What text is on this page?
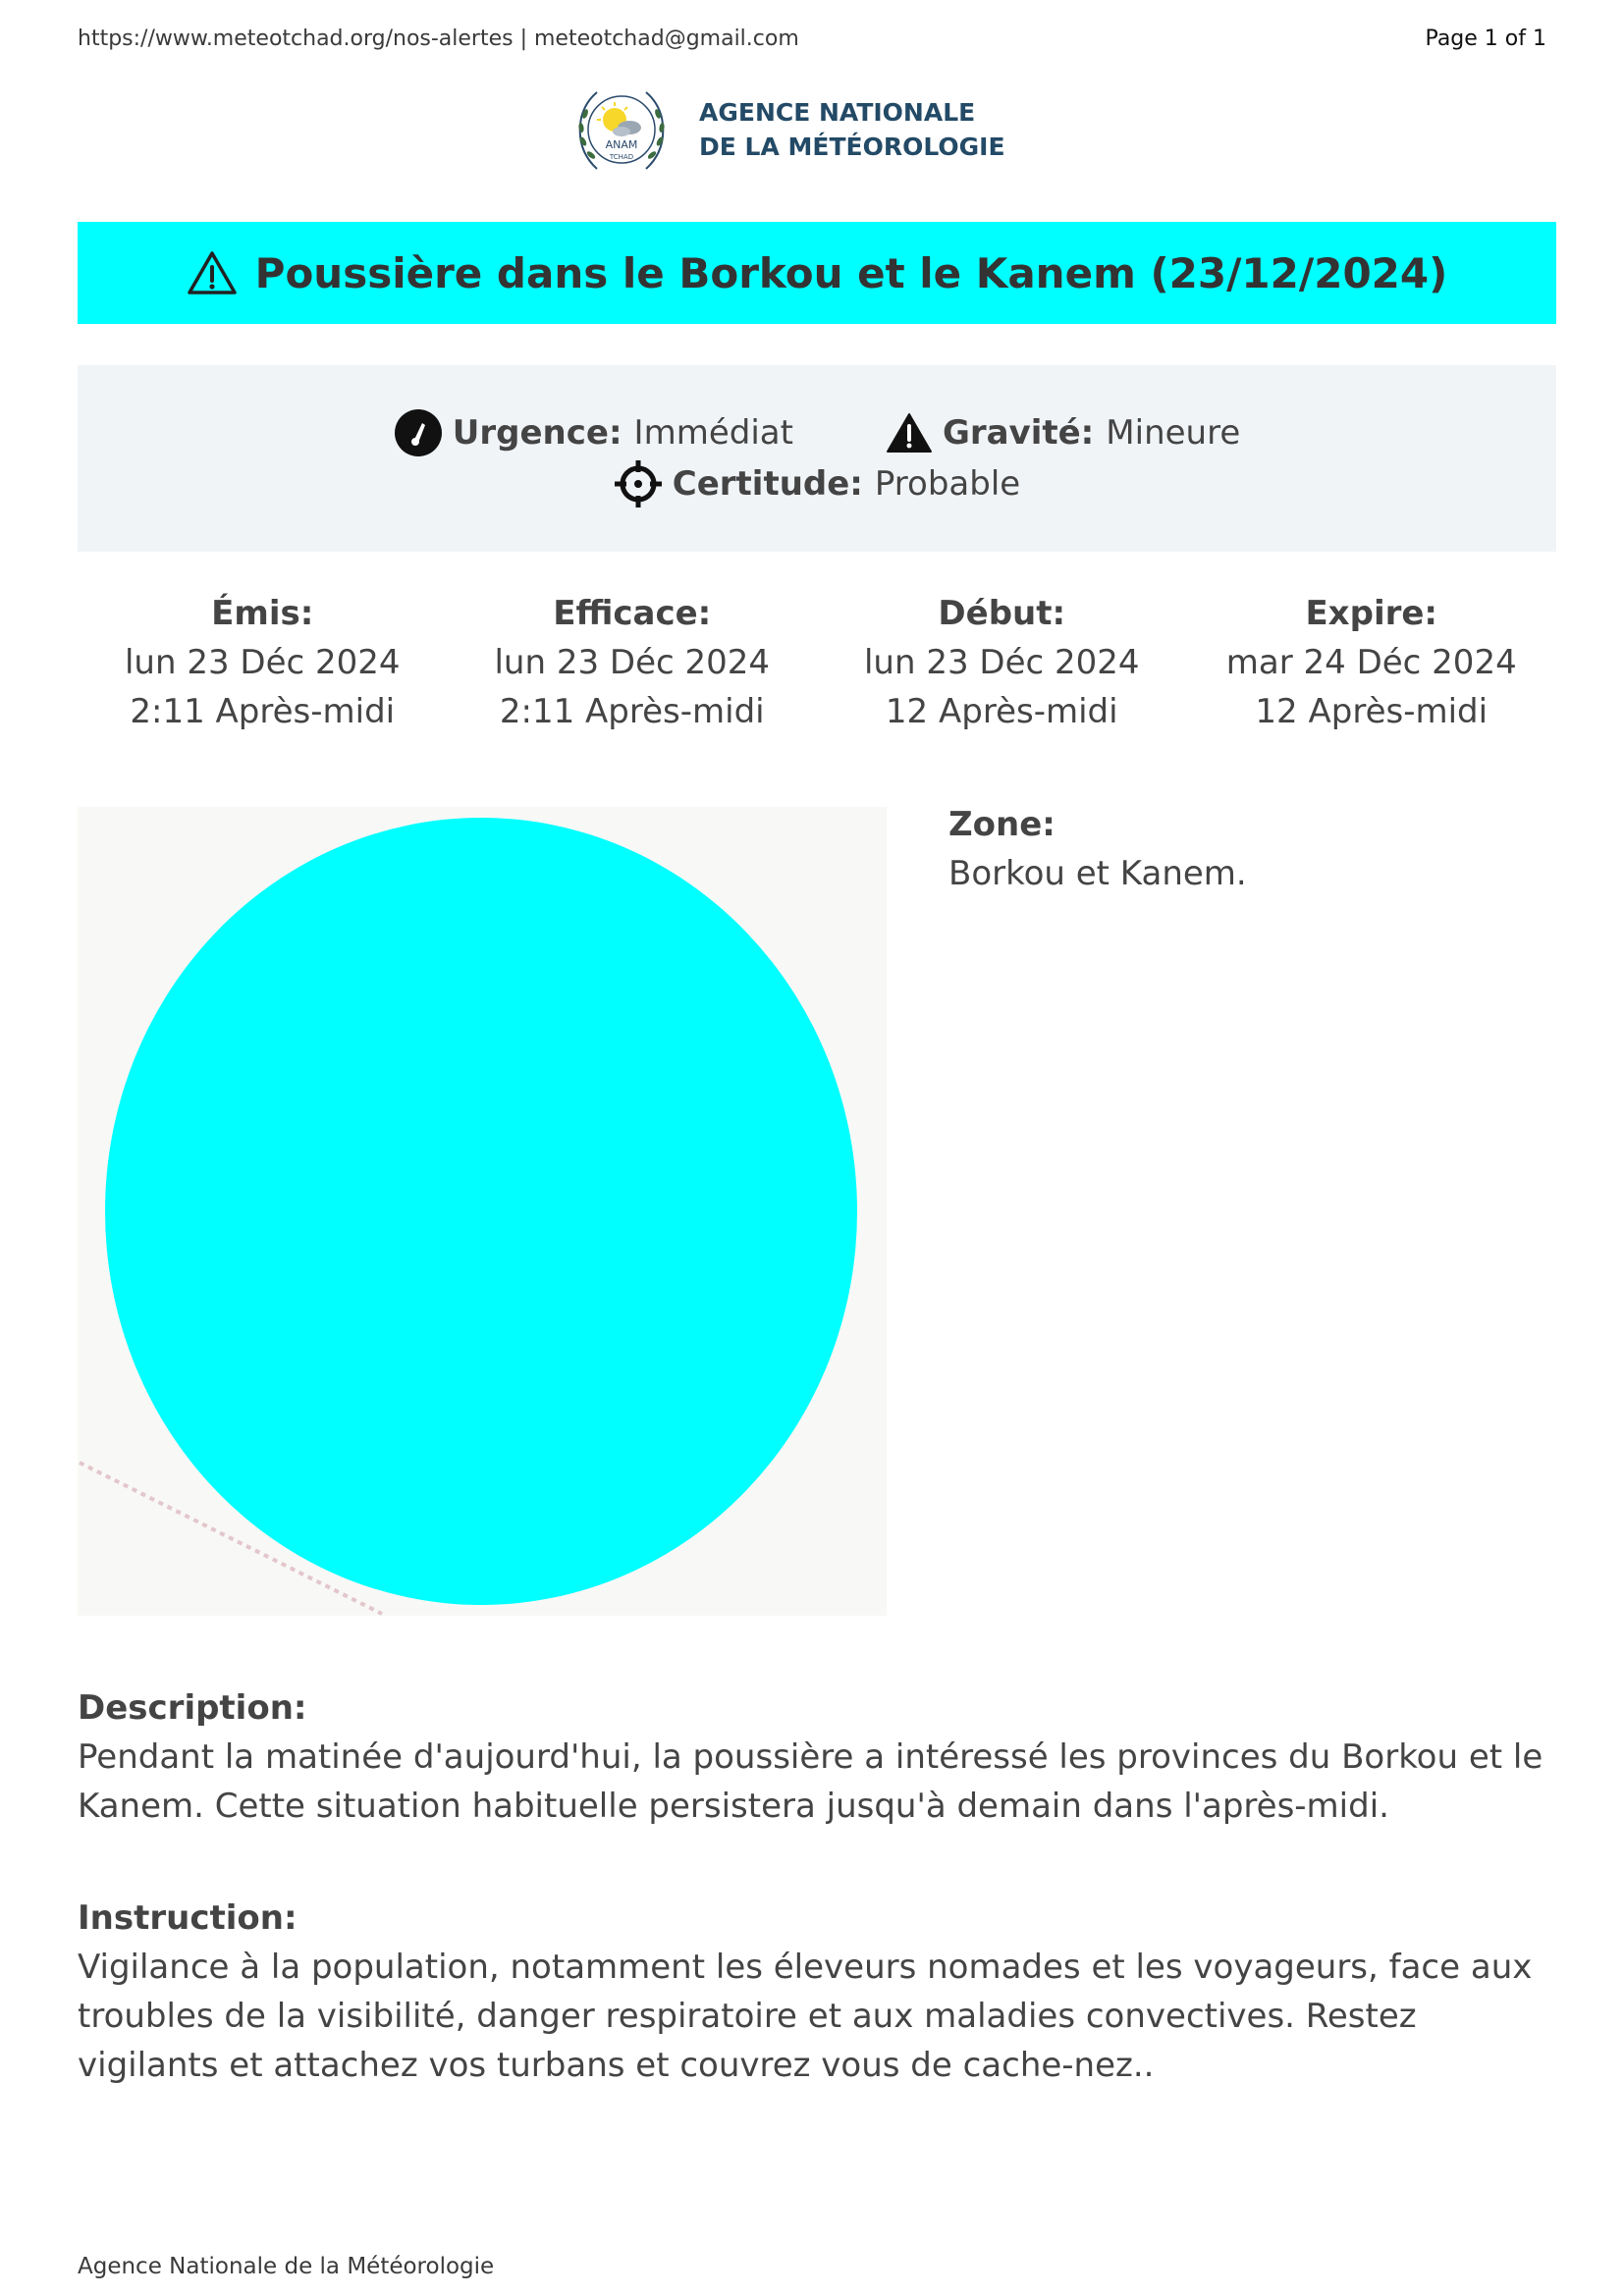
https://www.meteotchad.org/nos-alertes | meteotchad@gmail.com	Page 1 of 1
ANAM
TCHAD
AGENCE NATIONALE
DE LA MÉTÉOROLOGIE
Poussière dans le Borkou et le Kanem (23/12/2024)
Urgence: Immédiat	Gravité: Mineure
Certitude: Probable
Émis:
lun 23 Déc 2024
2:11 Après-midi
Efficace:
lun 23 Déc 2024
2:11 Après-midi
Début:
lun 23 Déc 2024
12 Après-midi
Expire:
mar 24 Déc 2024
12 Après-midi
Zone:
Borkou et Kanem.
Description:
Pendant la matinée d'aujourd'hui, la poussière a intéressé les provinces du Borkou et le Kanem. Cette situation habituelle persistera jusqu'à demain dans l'après-midi.
Instruction:
Vigilance à la population, notamment les éleveurs nomades et les voyageurs, face aux troubles de la visibilité, danger respiratoire et aux maladies convectives. Restez vigilants et attachez vos turbans et couvrez vous de cache-nez..
Agence Nationale de la Météorologie
